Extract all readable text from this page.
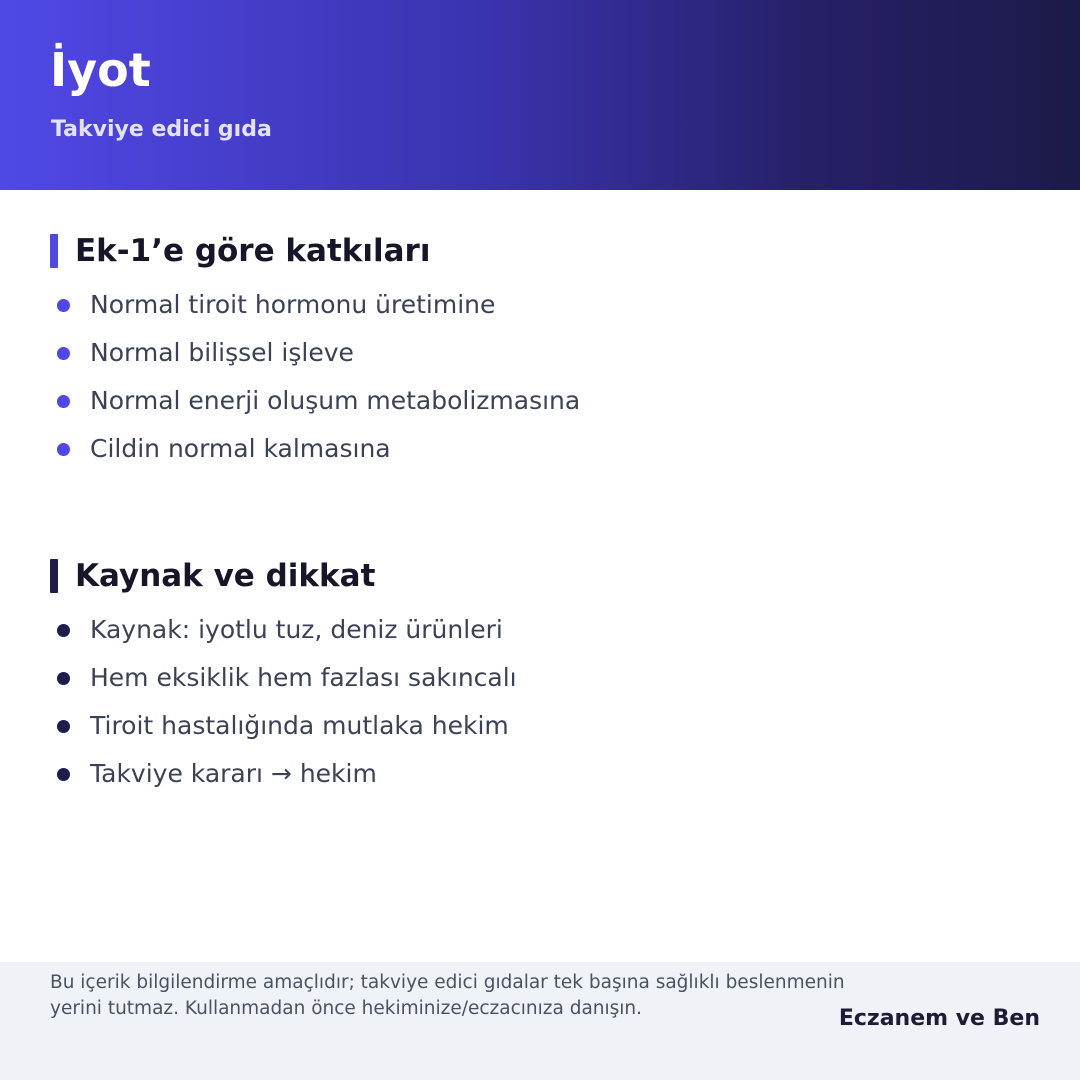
İyot
Takviye edici gıda
Ek-1’e göre katkıları
Normal tiroit hormonu üretimine
Normal bilişsel işleve
Normal enerji oluşum metabolizmasına
Cildin normal kalmasına
Kaynak ve dikkat
Kaynak: iyotlu tuz, deniz ürünleri
Hem eksiklik hem fazlası sakıncalı
Tiroit hastalığında mutlaka hekim
Takviye kararı → hekim
Bu içerik bilgilendirme amaçlıdır; takviye edici gıdalar tek başına sağlıklı beslenmenin yerini tutmaz. Kullanmadan önce hekiminize/eczacınıza danışın.	Eczanem ve Ben
